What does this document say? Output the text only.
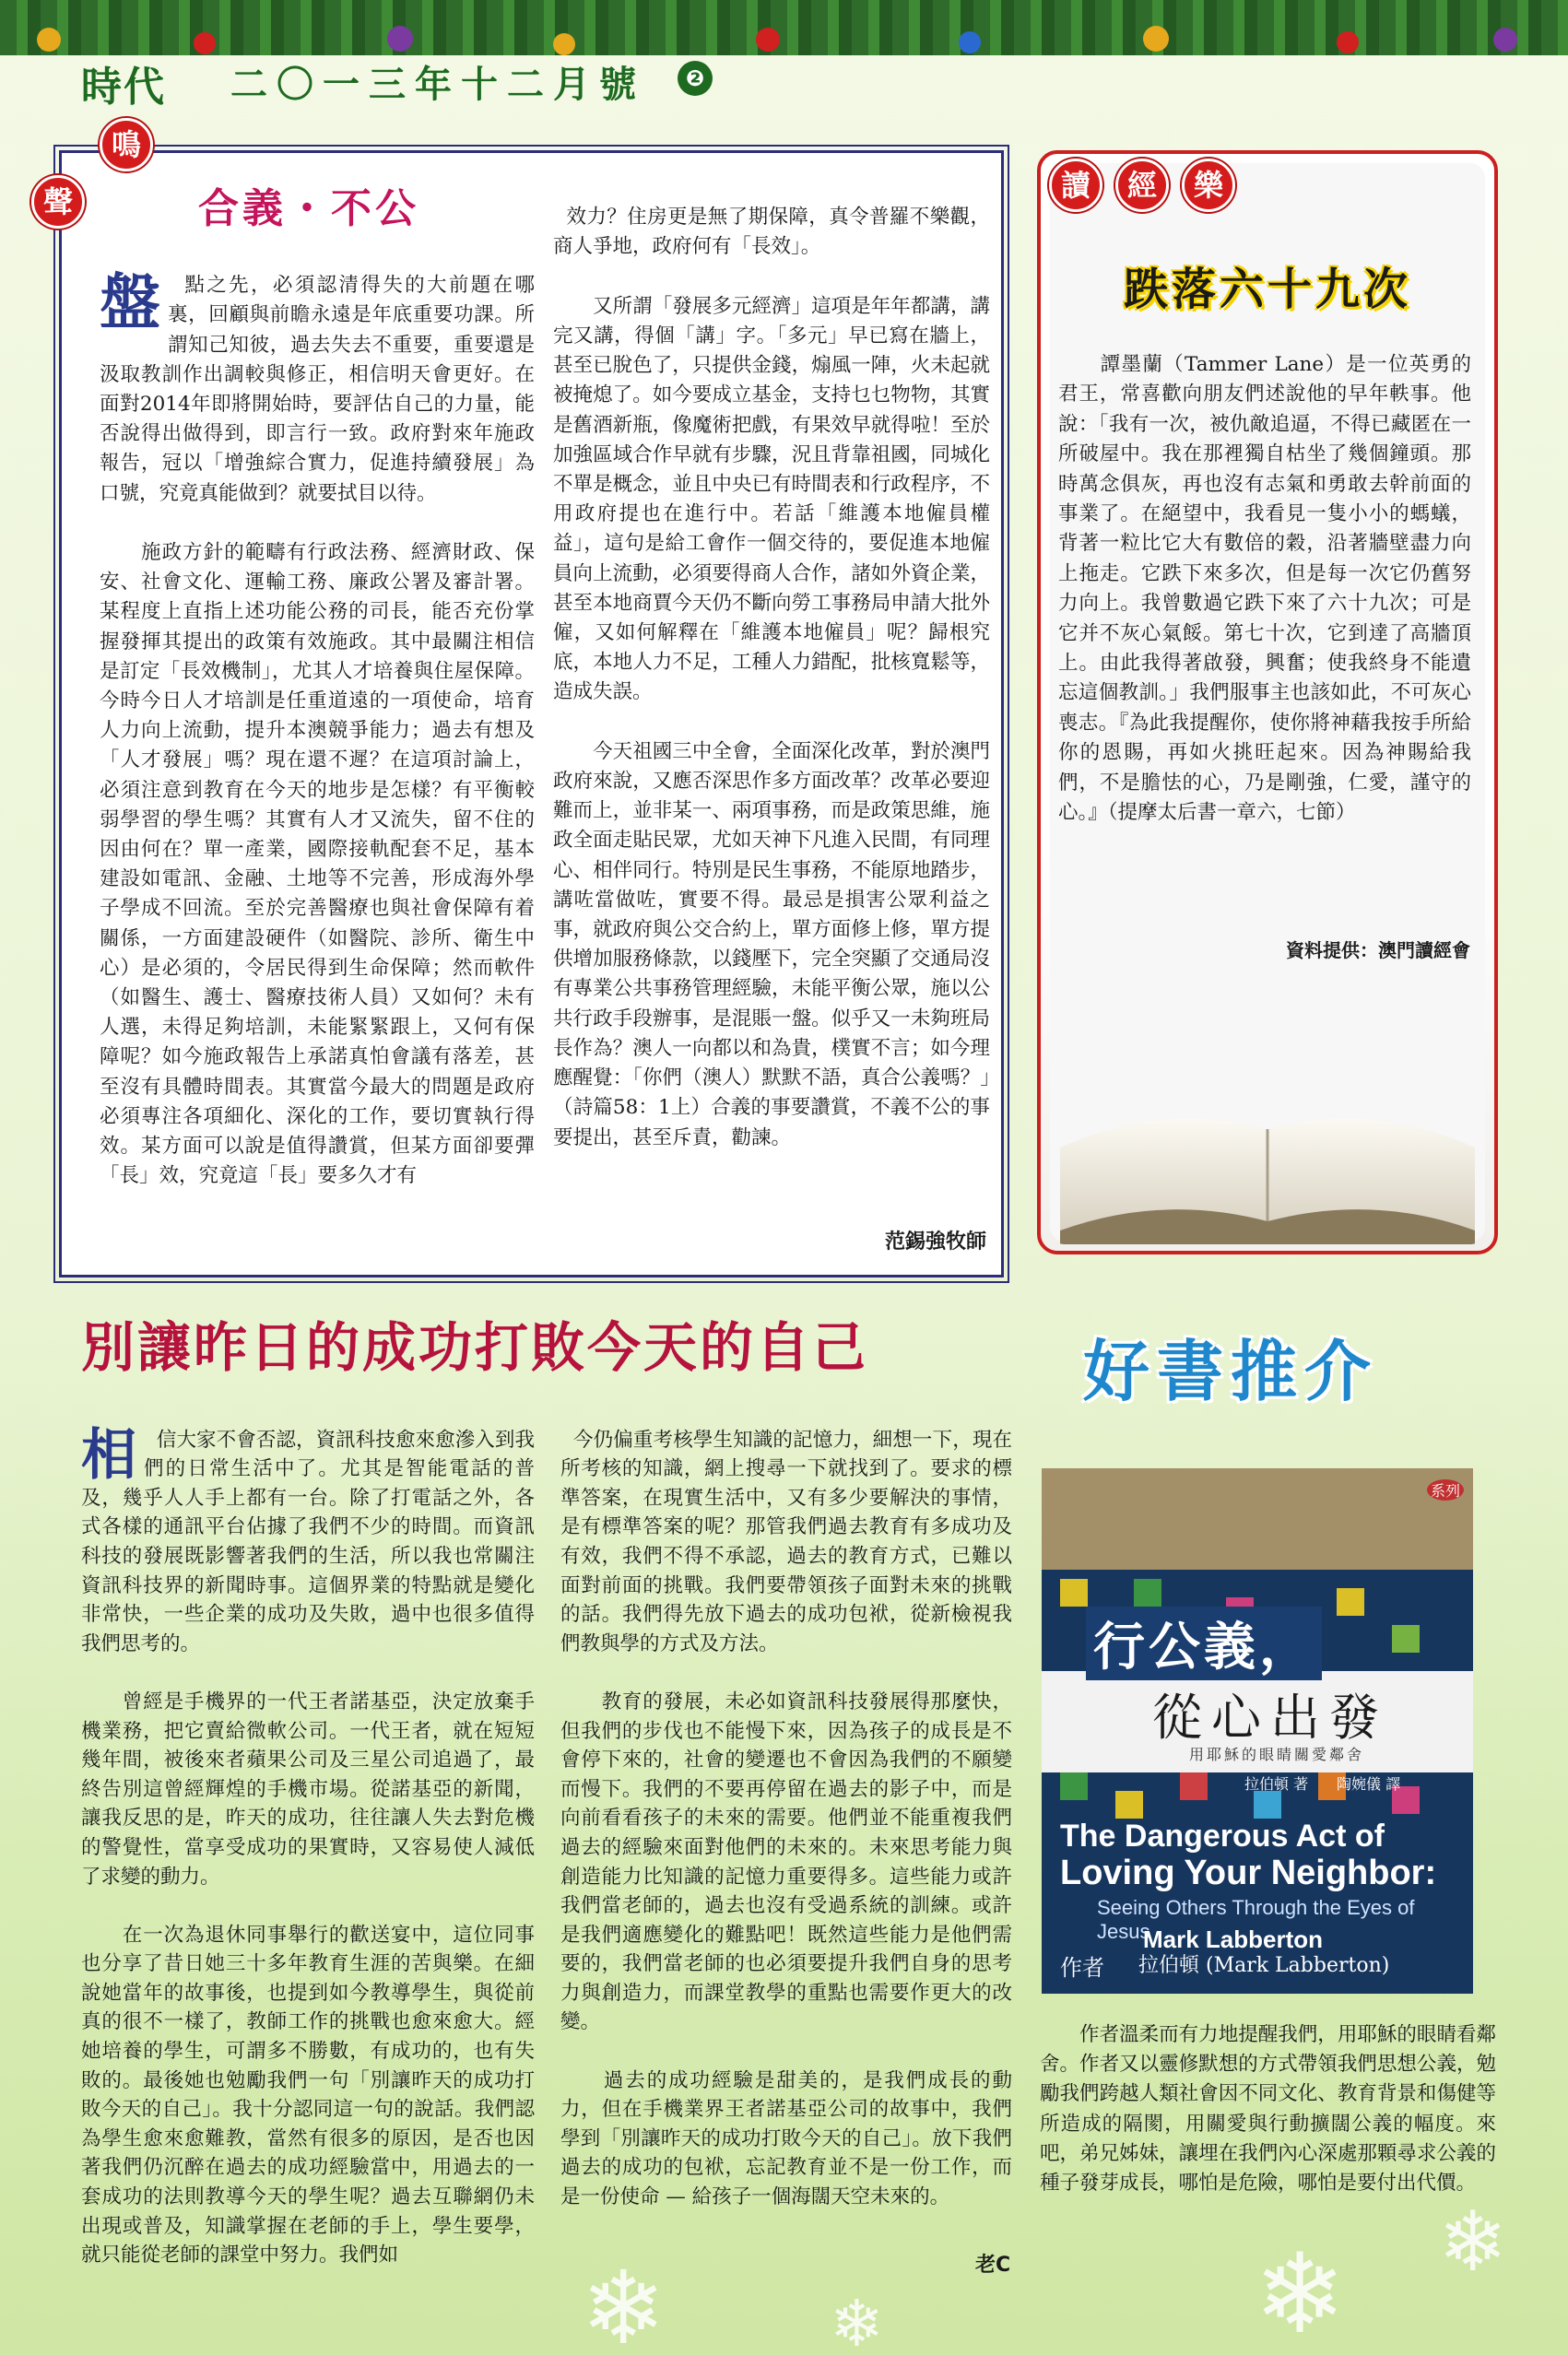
時代 二〇一三年十二月號	❷
鳴
聲	合義・不公

盤 點之先，必須認清得失的大前題在哪裏，回顧與前瞻永遠是年底重要功課。所謂知己知彼，過去失去不重要，重要還是汲取教訓作出調較與修正，相信明天會更好。在面對2014年即將開始時，要評估自己的力量，能否說得出做得到，即言行一致。政府對來年施政報告，冠以「增強綜合實力，促進持續發展」為口號，究竟真能做到？就要拭目以待。

　　施政方針的範疇有行政法務、經濟財政、保安、社會文化、運輸工務、廉政公署及審計署。某程度上直指上述功能公務的司長，能否充份掌握發揮其提出的政策有效施政。其中最關注相信是訂定「長效機制」，尤其人才培養與住屋保障。今時今日人才培訓是任重道遠的一項使命，培育人力向上流動，提升本澳競爭能力；過去有想及「人才發展」嗎？現在還不遲？在這項討論上，必須注意到教育在今天的地步是怎樣？有平衡較弱學習的學生嗎？其實有人才又流失，留不住的因由何在？單一產業，國際接軌配套不足，基本建設如電訊、金融、土地等不完善，形成海外學子學成不回流。至於完善醫療也與社會保障有着關係，一方面建設硬件（如醫院、診所、衛生中心）是必須的，令居民得到生命保障；然而軟件（如醫生、護士、醫療技術人員）又如何？未有人選，未得足夠培訓，未能緊緊跟上，又何有保障呢？如今施政報告上承諾真怕會議有落差，甚至沒有具體時間表。其實當今最大的問題是政府必須專注各項細化、深化的工作，要切實執行得效。某方面可以說是值得讚賞，但某方面卻要彈「長」效，究竟這「長」要多久才有

效力？住房更是無了期保障，真令普羅不樂觀，商人爭地，政府何有「長效」。

　　又所謂「發展多元經濟」這項是年年都講，講完又講，得個「講」字。「多元」早已寫在牆上，甚至已脫色了，只提供金錢，煽風一陣，火未起就被掩熄了。如今要成立基金，支持乜乜物物，其實是舊酒新瓶，像魔術把戲，有果效早就得啦！至於加強區域合作早就有步驟，況且背靠祖國，同城化不單是概念，並且中央已有時間表和行政程序，不用政府提也在進行中。若話「維護本地僱員權益」，這句是給工會作一個交待的，要促進本地僱員向上流動，必須要得商人合作，諸如外資企業，甚至本地商賈今天仍不斷向勞工事務局申請大批外僱，又如何解釋在「維護本地僱員」呢？歸根究底，本地人力不足，工種人力錯配，批核寬鬆等，造成失誤。

　　今天祖國三中全會，全面深化改革，對於澳門政府來說，又應否深思作多方面改革？改革必要迎難而上，並非某一、兩項事務，而是政策思維，施政全面走貼民眾，尤如天神下凡進入民間，有同理心、相伴同行。特別是民生事務，不能原地踏步，講咗當做咗，實要不得。最忌是損害公眾利益之事，就政府與公交合約上，單方面修上修，單方提供增加服務條款，以錢壓下，完全突顯了交通局沒有專業公共事務管理經驗，未能平衡公眾，施以公共行政手段辦事，是混賬一盤。似乎又一未夠班局長作為？澳人一向都以和為貴，樸實不言；如今理應醒覺：「你們（澳人）默默不語，真合公義嗎？」（詩篇58：1上）合義的事要讚賞，不義不公的事要提出，甚至斥責，勸諫。

范錫強牧師
讀	經	樂
跌落六十九次
　　譚墨蘭（Tammer Lane）是一位英勇的君王，常喜歡向朋友們述說他的早年軼事。他說：「我有一次，被仇敵追逼，不得已藏匿在一所破屋中。我在那裡獨自枯坐了幾個鐘頭。那時萬念俱灰，再也沒有志氣和勇敢去幹前面的事業了。在絕望中，我看見一隻小小的螞蟻，背著一粒比它大有數倍的穀，沿著牆壁盡力向上拖走。它跌下來多次，但是每一次它仍舊努力向上。我曾數過它跌下來了六十九次；可是它并不灰心氣餒。第七十次，它到達了高牆頂上。由此我得著啟發，興奮；使我終身不能遺忘這個教訓。」我們服事主也該如此，不可灰心喪志。『為此我提醒你，使你將神藉我按手所給你的恩賜，再如火挑旺起來。因為神賜給我們，不是膽怯的心，乃是剛強，仁愛，謹守的心。』（提摩太后書一章六，七節）
資料提供：澳門讀經會
別讓昨日的成功打敗今天的自己

相 信大家不會否認，資訊科技愈來愈滲入到我們的日常生活中了。尤其是智能電話的普及，幾乎人人手上都有一台。除了打電話之外，各式各樣的通訊平台佔據了我們不少的時間。而資訊科技的發展既影響著我們的生活，所以我也常關注資訊科技界的新聞時事。這個界業的特點就是變化非常快，一些企業的成功及失敗，過中也很多值得我們思考的。

　　曾經是手機界的一代王者諾基亞，決定放棄手機業務，把它賣給微軟公司。一代王者，就在短短幾年間，被後來者蘋果公司及三星公司追過了，最終告別這曾經輝煌的手機市場。從諾基亞的新聞，讓我反思的是，昨天的成功，往往讓人失去對危機的警覺性，當享受成功的果實時，又容易使人減低了求變的動力。

　　在一次為退休同事舉行的歡送宴中，這位同事也分享了昔日她三十多年教育生涯的苦與樂。在細說她當年的故事後，也提到如今教導學生，與從前真的很不一樣了，教師工作的挑戰也愈來愈大。經她培養的學生，可謂多不勝數，有成功的，也有失敗的。最後她也勉勵我們一句「別讓昨天的成功打敗今天的自己」。我十分認同這一句的說話。我們認為學生愈來愈難教，當然有很多的原因，是否也因著我們仍沉醉在過去的成功經驗當中，用過去的一套成功的法則教導今天的學生呢？過去互聯網仍未出現或普及，知識掌握在老師的手上，學生要學，就只能從老師的課堂中努力。我們如

今仍偏重考核學生知識的記憶力，細想一下，現在所考核的知識，網上搜尋一下就找到了。要求的標準答案，在現實生活中，又有多少要解決的事情，是有標準答案的呢？那管我們過去教育有多成功及有效，我們不得不承認，過去的教育方式，已難以面對前面的挑戰。我們要帶領孩子面對未來的挑戰的話。我們得先放下過去的成功包袱，從新檢視我們教與學的方式及方法。

　　教育的發展，未必如資訊科技發展得那麼快，但我們的步伐也不能慢下來，因為孩子的成長是不會停下來的，社會的變遷也不會因為我們的不願變而慢下。我們的不要再停留在過去的影子中，而是向前看看孩子的未來的需要。他們並不能重複我們過去的經驗來面對他們的未來的。未來思考能力與創造能力比知識的記憶力重要得多。這些能力或許我們當老師的，過去也沒有受過系統的訓練。或許是我們適應變化的難點吧！既然這些能力是他們需要的，我們當老師的也必須要提升我們自身的思考力與創造力，而課堂教學的重點也需要作更大的改變。

　　過去的成功經驗是甜美的，是我們成長的動力，但在手機業界王者諾基亞公司的故事中，我們學到「別讓昨天的成功打敗今天的自己」。放下我們過去的成功的包袱，忘記教育並不是一份工作，而是一份使命 — 給孩子一個海闊天空未來的。

老C
好書推介
系列
行公義，
從心出發
用耶穌的眼睛關愛鄰舍
拉伯頓 著 陶婉儀 譯
The Dangerous Act of
Loving Your Neighbor:
Seeing Others Through the Eyes of Jesus
Mark Labberton
作者 拉伯頓 (Mark Labberton)
　　作者溫柔而有力地提醒我們，用耶穌的眼睛看鄰舍。作者又以靈修默想的方式帶領我們思想公義，勉勵我們跨越人類社會因不同文化、教育背景和傷健等所造成的隔閡，用關愛與行動擴闊公義的幅度。來吧，弟兄姊妹，讓埋在我們內心深處那顆尋求公義的種子發芽成長，哪怕是危險，哪怕是要付出代價。
❄	❄	❄ ❄
